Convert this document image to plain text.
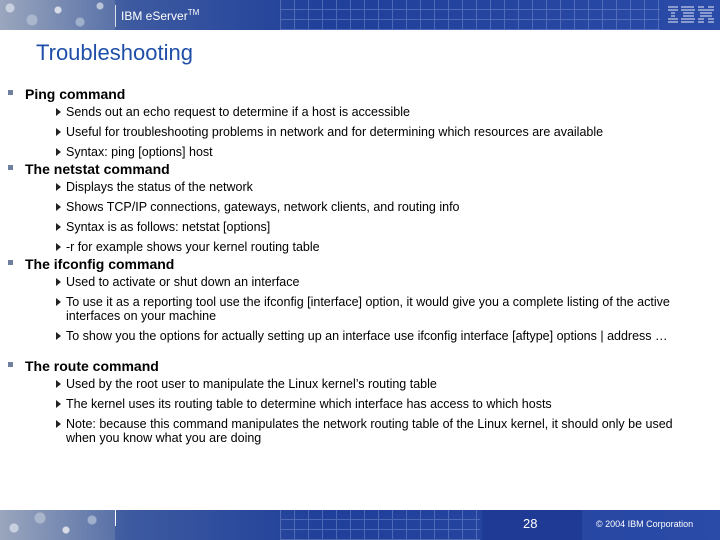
IBM eServer™
Troubleshooting
Ping command
Sends out an echo request to determine if a host is accessible
Useful for troubleshooting problems in network and for determining which resources are available
Syntax: ping [options] host
The netstat command
Displays the status of the network
Shows TCP/IP connections, gateways, network clients, and routing info
Syntax is as follows: netstat [options]
-r for example shows your kernel routing table
The ifconfig command
Used to activate or shut down an interface
To use it as a reporting tool use the ifconfig [interface] option, it would give you a complete listing of the active interfaces on your machine
To show you the options for actually setting up an interface use ifconfig interface [aftype] options | address …
The route command
Used by the root user to manipulate the Linux kernel’s routing table
The kernel uses its routing table to determine which interface has access to which hosts
Note: because this command manipulates the network routing table of the Linux kernel, it should only be used when you know what you are doing
28	© 2004 IBM Corporation
